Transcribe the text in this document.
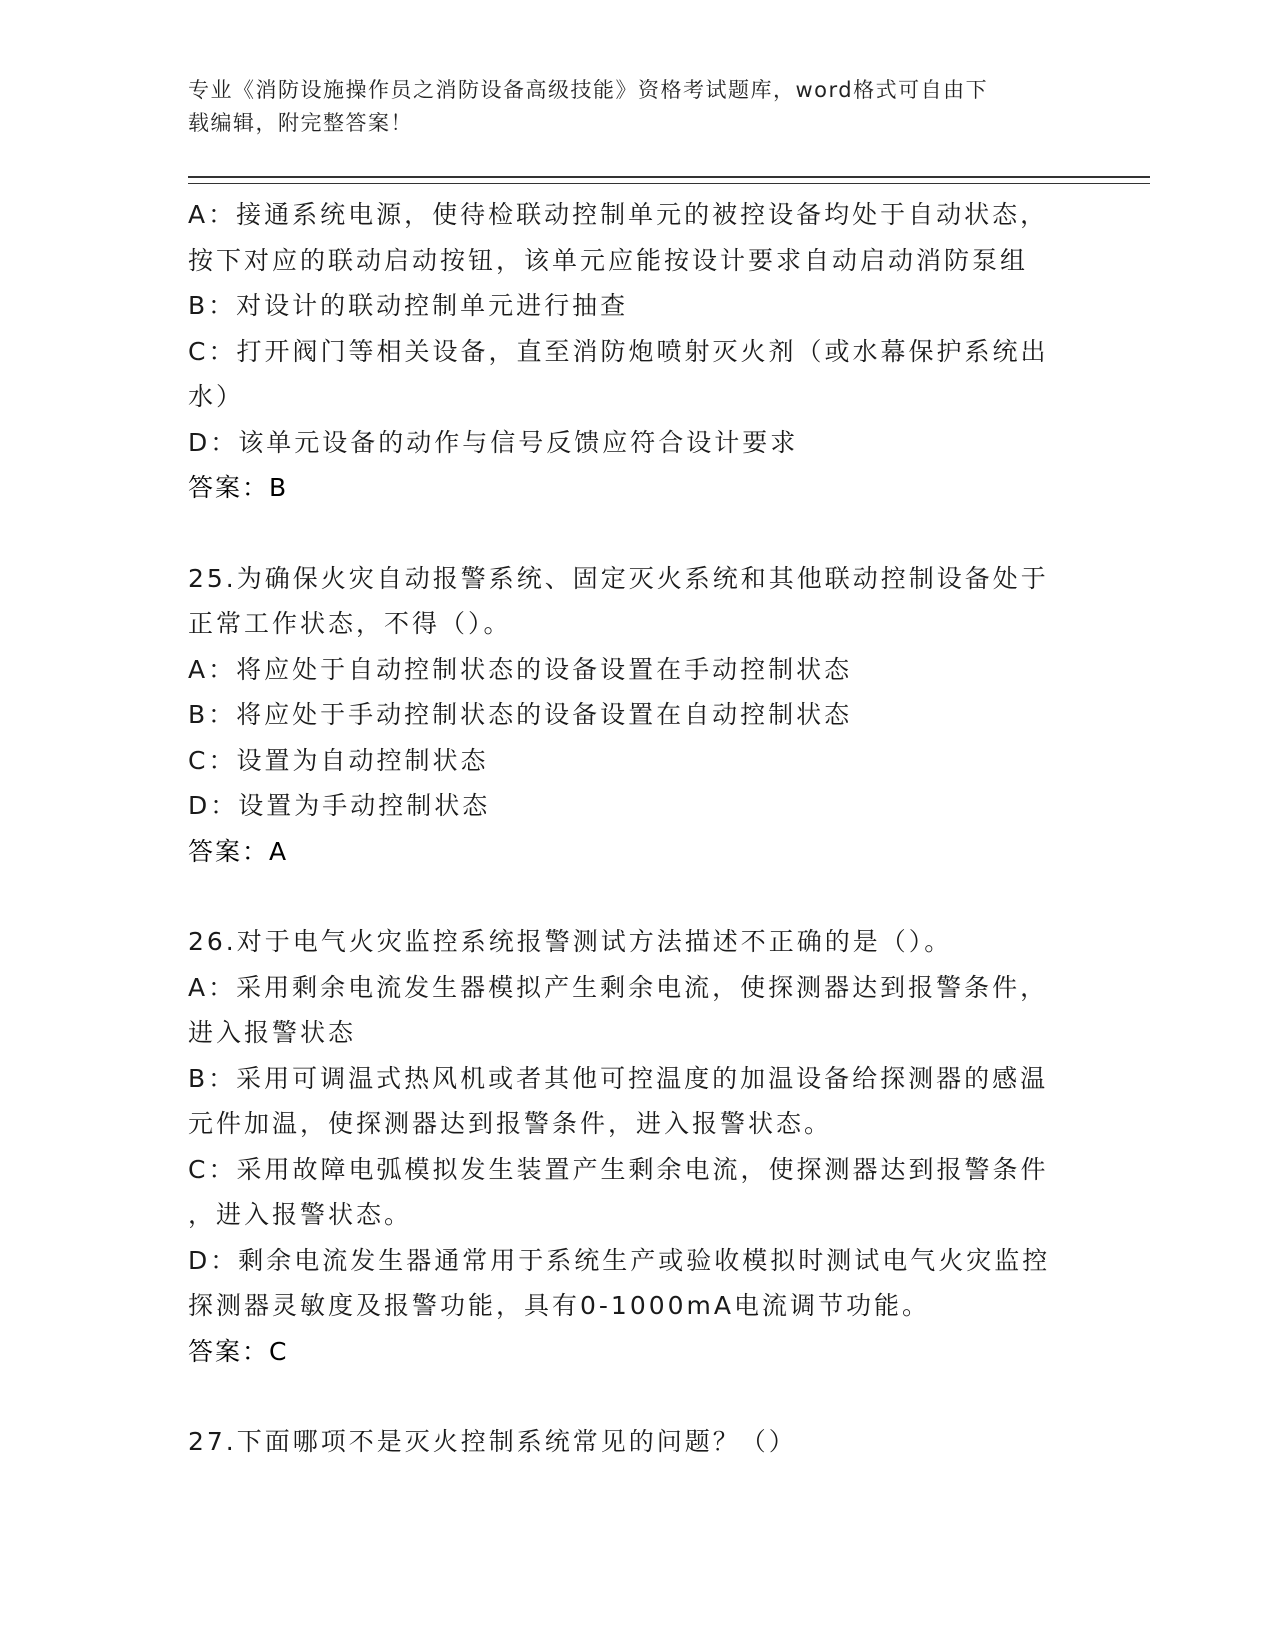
专业《消防设施操作员之消防设备高级技能》资格考试题库，word格式可自由下
载编辑，附完整答案！
A：接通系统电源，使待检联动控制单元的被控设备均处于自动状态，
按下对应的联动启动按钮，该单元应能按设计要求自动启动消防泵组
B：对设计的联动控制单元进行抽查
C：打开阀门等相关设备，直至消防炮喷射灭火剂（或水幕保护系统出
水）
D：该单元设备的动作与信号反馈应符合设计要求
答案：B
25.为确保火灾自动报警系统、固定灭火系统和其他联动控制设备处于
正常工作状态，不得（）。
A：将应处于自动控制状态的设备设置在手动控制状态
B：将应处于手动控制状态的设备设置在自动控制状态
C：设置为自动控制状态
D：设置为手动控制状态
答案：A
26.对于电气火灾监控系统报警测试方法描述不正确的是（）。
A：采用剩余电流发生器模拟产生剩余电流，使探测器达到报警条件，
进入报警状态
B：采用可调温式热风机或者其他可控温度的加温设备给探测器的感温
元件加温，使探测器达到报警条件，进入报警状态。
C：采用故障电弧模拟发生装置产生剩余电流，使探测器达到报警条件
，进入报警状态。
D：剩余电流发生器通常用于系统生产或验收模拟时测试电气火灾监控
探测器灵敏度及报警功能，具有0-1000mA电流调节功能。
答案：C
27.下面哪项不是灭火控制系统常见的问题？（）
